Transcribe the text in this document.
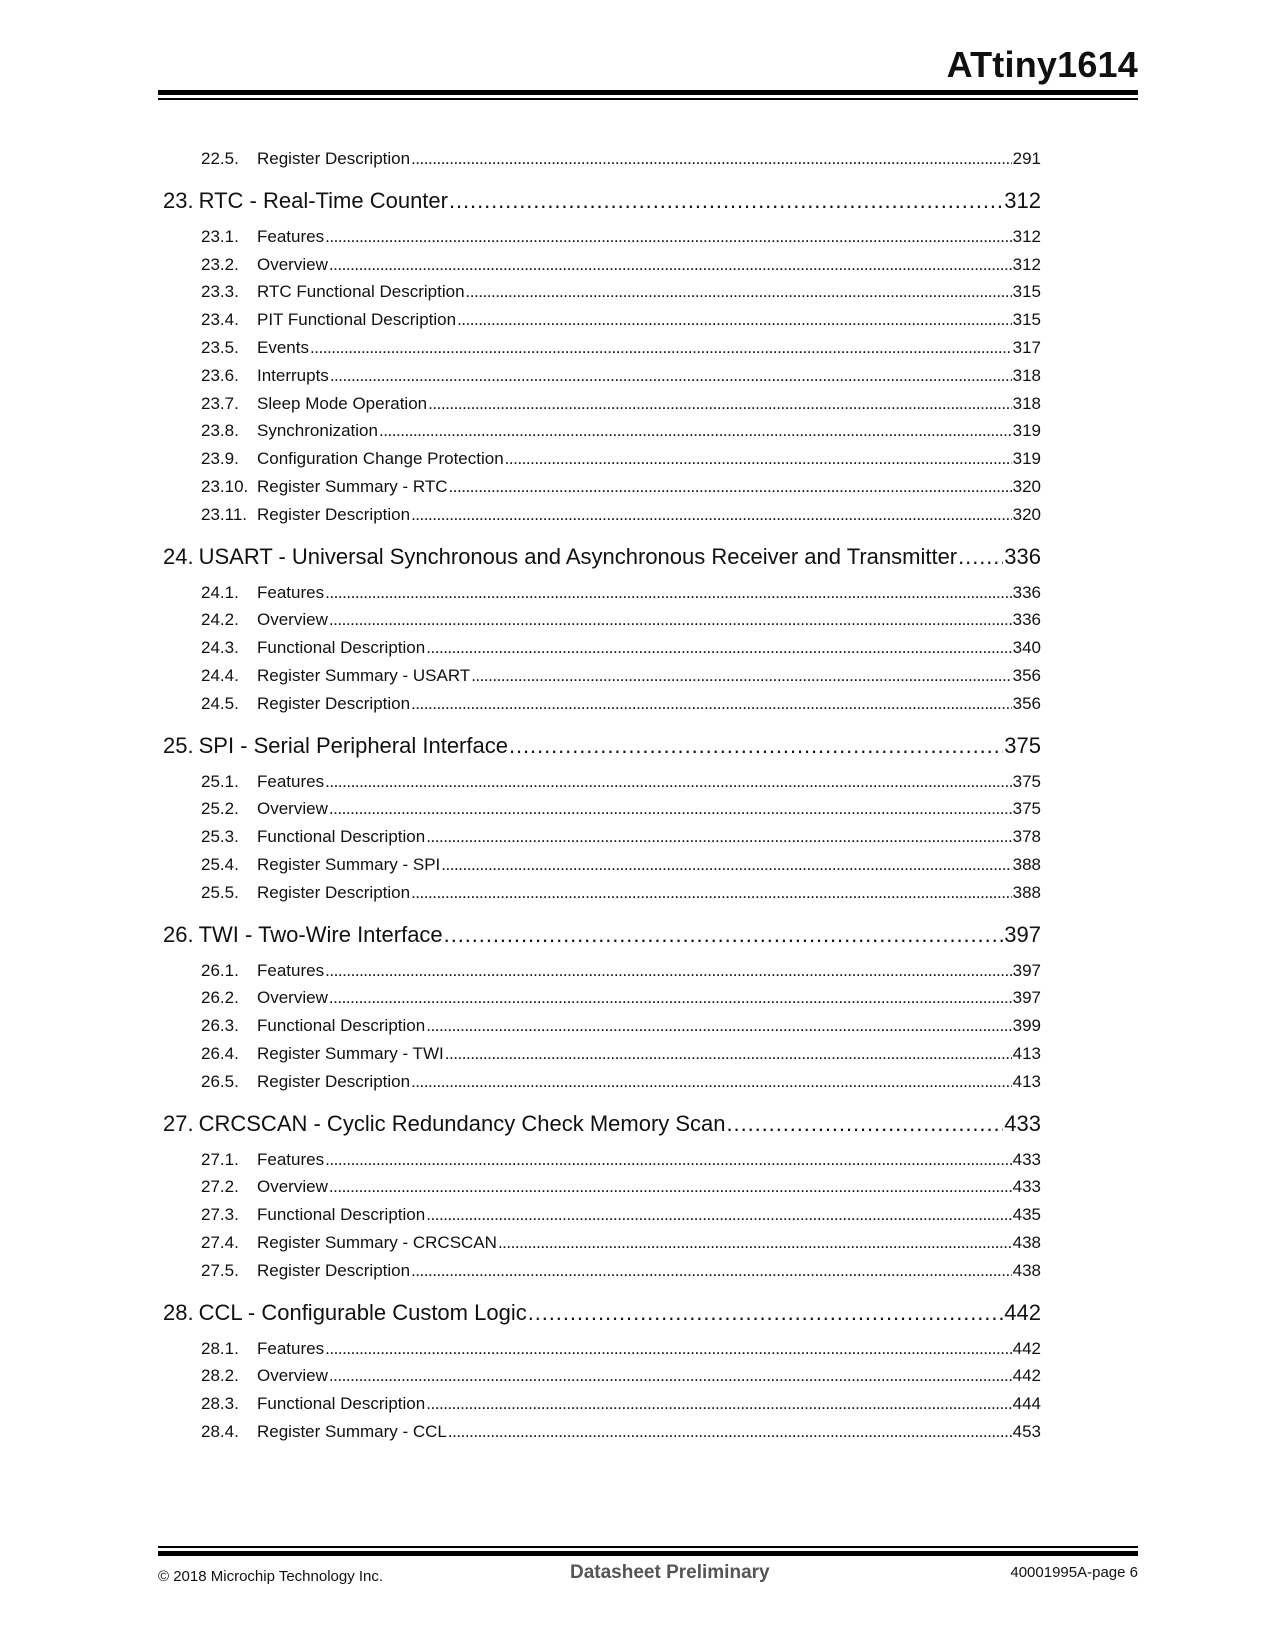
ATtiny1614
22.5.	Register Description . . .	291
23. RTC - Real-Time Counter . . .	312
23.1.	Features . . .	312
23.2.	Overview . . .	312
23.3.	RTC Functional Description . . .	315
23.4.	PIT Functional Description . . .	315
23.5.	Events . . .	317
23.6.	Interrupts . . .	318
23.7.	Sleep Mode Operation . . .	318
23.8.	Synchronization . . .	319
23.9.	Configuration Change Protection . . .	319
23.10. Register Summary - RTC . . .	320
23.11. Register Description . . .	320
24. USART - Universal Synchronous and Asynchronous Receiver and Transmitter . . . 336
24.1.	Features . . .	336
24.2.	Overview . . .	336
24.3.	Functional Description . . .	340
24.4.	Register Summary - USART . . .	356
24.5.	Register Description . . .	356
25. SPI - Serial Peripheral Interface . . .	375
25.1.	Features . . .	375
25.2.	Overview . . .	375
25.3.	Functional Description . . .	378
25.4.	Register Summary - SPI . . .	388
25.5.	Register Description . . .	388
26. TWI - Two-Wire Interface . . .	397
26.1.	Features . . .	397
26.2.	Overview . . .	397
26.3.	Functional Description . . .	399
26.4.	Register Summary - TWI . . .	413
26.5.	Register Description . . .	413
27. CRCSCAN - Cyclic Redundancy Check Memory Scan . . .	433
27.1.	Features . . .	433
27.2.	Overview . . .	433
27.3.	Functional Description . . .	435
27.4.	Register Summary - CRCSCAN . . .	438
27.5.	Register Description . . .	438
28. CCL - Configurable Custom Logic . . .	442
28.1.	Features . . .	442
28.2.	Overview . . .	442
28.3.	Functional Description . . .	444
28.4.	Register Summary - CCL . . .	453
© 2018 Microchip Technology Inc.	Datasheet Preliminary	40001995A-page 6
